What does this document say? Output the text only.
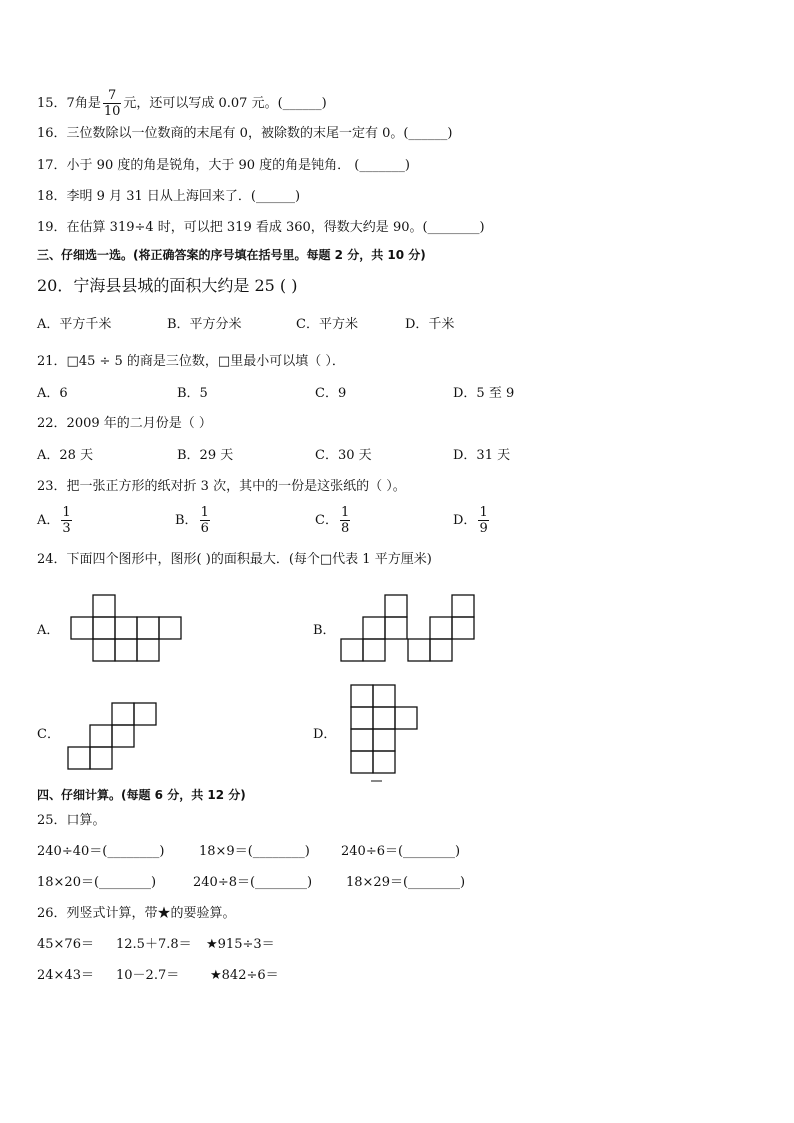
15．7角是 $\frac{7}{10}$ 元，还可以写成 0.07 元。(______)
16．三位数除以一位数商的末尾有 0，被除数的末尾一定有 0。(______)
17．小于 90 度的角是锐角，大于 90 度的角是钝角． (_______)
18．李明 9 月 31 日从上海回来了．(______)
19．在估算 319÷4 时，可以把 319 看成 360，得数大约是 90。(________)
三、仔细选一选。(将正确答案的序号填在括号里。每题 2 分，共 10 分)
20．宁海县县城的面积大约是 25 ( )
A．平方千米	B．平方分米	C．平方米	D．千米
21．□45 ÷ 5 的商是三位数，□里最小可以填（ ）．
A．6	B．5	C．9	D．5 至 9
22．2009 年的二月份是（ ）
A．28 天	B．29 天	C．30 天	D．31 天
23．把一张正方形的纸对折 3 次，其中的一份是这张纸的（ ）。
A． $\frac{1}{3}$	B． $\frac{1}{6}$	C． $\frac{1}{8}$	D． $\frac{1}{9}$
24．下面四个图形中，图形( )的面积最大．(每个□代表 1 平方厘米)
A．	B．
C．	D．
四、仔细计算。(每题 6 分，共 12 分)
25．口算。
240÷40＝(________)	18×9＝(________) 240÷6＝(________)
18×20＝(________)	240÷8＝(________)	18×29＝(________)
26．列竖式计算，带★的要验算。
45×76＝ 12.5＋7.8＝ ★915÷3＝
24×43＝ 10－2.7＝ ★842÷6＝
